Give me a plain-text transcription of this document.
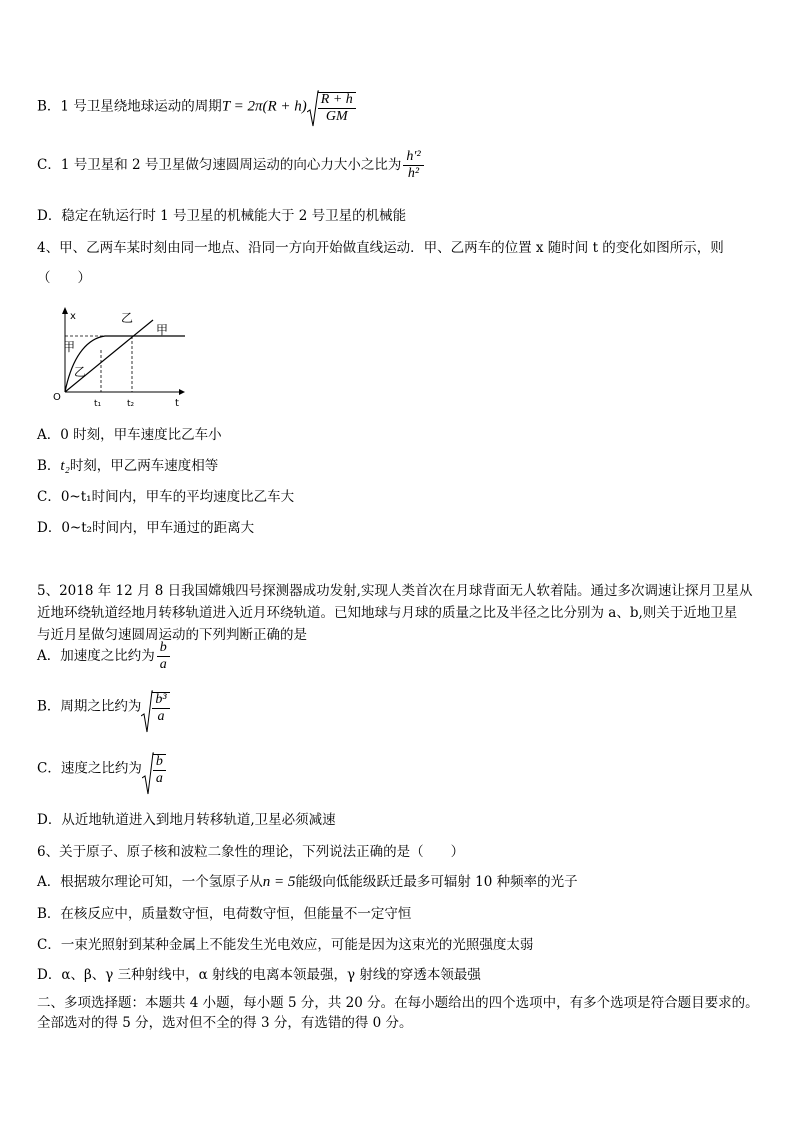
B．1 号卫星绕地球运动的周期$T = 2\pi(R + h) \frac{R + h}{GM}$
C．1 号卫星和 2 号卫星做匀速圆周运动的向心力大小之比为 $\frac{\text{h′²}}{\text{h²}}$
D．稳定在轨运行时 1 号卫星的机械能大于 2 号卫星的机械能
4、甲、乙两车某时刻由同一地点、沿同一方向开始做直线运动．甲、乙两车的位置 x 随时间 t 的变化如图所示，则
（　　）
x
t
O
t₁	t₂
甲
甲
乙
乙
A．0 时刻，甲车速度比乙车小
B．t₂时刻，甲乙两车速度相等
C．0~t₁时间内，甲车的平均速度比乙车大
D．0~t₂时间内，甲车通过的距离大
5、2018 年 12 月 8 日我国嫦娥四号探测器成功发射,实现人类首次在月球背面无人软着陆。通过多次调速让探月卫星从
近地环绕轨道经地月转移轨道进入近月环绕轨道。已知地球与月球的质量之比及半径之比分别为 a、b,则关于近地卫星
与近月星做匀速圆周运动的下列判断正确的是
A．加速度之比约为 $\frac{b}{a}$
B．周期之比约为 $\frac{\text{b³}}{a}$
C．速度之比约为 $\frac{b}{a}$
D．从近地轨道进入到地月转移轨道,卫星必须减速
6、关于原子、原子核和波粒二象性的理论，下列说法正确的是（　　）
A．根据玻尔理论可知，一个氢原子从n = 5能级向低能级跃迁最多可辐射 10 种频率的光子
B．在核反应中，质量数守恒，电荷数守恒，但能量不一定守恒
C．一束光照射到某种金属上不能发生光电效应，可能是因为这束光的光照强度太弱
D．α、β、γ 三种射线中，α 射线的电离本领最强，γ 射线的穿透本领最强
二、多项选择题：本题共 4 小题，每小题 5 分，共 20 分。在每小题给出的四个选项中，有多个选项是符合题目要求的。
全部选对的得 5 分，选对但不全的得 3 分，有选错的得 0 分。
